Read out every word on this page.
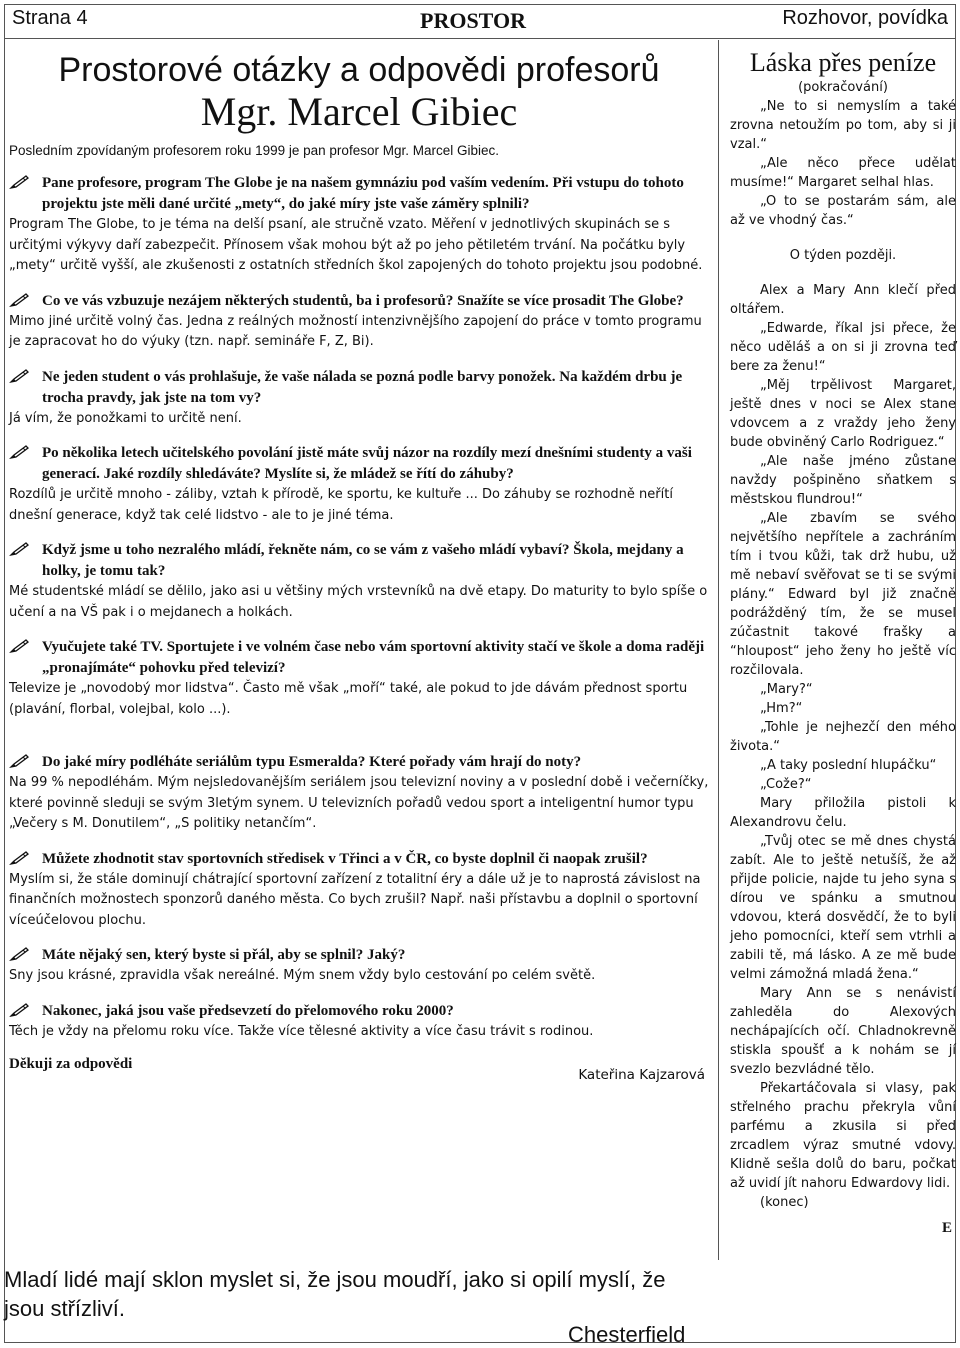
Strana 4	PROSTOR	Rozhovor, povídka

Prostorové otázky a odpovědi profesorů

Mgr. Marcel Gibiec

Posledním zpovídaným profesorem roku 1999 je pan profesor Mgr. Marcel Gibiec.

Pane profesore, program The Globe je na našem gymnáziu pod vaším vedením. Při vstupu do tohoto projektu jste měli dané určité „mety“, do jaké míry jste vaše záměry splnili?
Program The Globe, to je téma na delší psaní, ale stručně vzato. Měření v jednotlivých skupinách se s určitými výkyvy daří zabezpečit. Přínosem však mohou být až po jeho pětiletém trvání. Na počátku byly „mety“ určitě vyšší, ale zkušenosti z ostatních středních škol zapojených do tohoto projektu jsou podobné.
Co ve vás vzbuzuje nezájem některých studentů, ba i profesorů? Snažíte se více prosadit The Globe?
Mimo jiné určitě volný čas. Jedna z reálných možností intenzivnějšího zapojení do práce v tomto programu je zapracovat ho do výuky (tzn. např. semináře F, Z, Bi).
Ne jeden student o vás prohlašuje, že vaše nálada se pozná podle barvy ponožek. Na každém drbu je trocha pravdy, jak jste na tom vy?
Já vím, že ponožkami to určitě není.
Po několika letech učitelského povolání jistě máte svůj názor na rozdíly mezí dnešními studenty a vaši generací. Jaké rozdíly shledáváte? Myslíte si, že mládež se řítí do záhuby?
Rozdílů je určitě mnoho - záliby, vztah k přírodě, ke sportu, ke kultuře ... Do záhuby se rozhodně neřítí dnešní generace, když tak celé lidstvo - ale to je jiné téma.
Když jsme u toho nezralého mládí, řekněte nám, co se vám z vašeho mládí vybaví? Škola, mejdany a holky, je tomu tak?
Mé studentské mládí se dělilo, jako asi u většiny mých vrstevníků na dvě etapy. Do maturity to bylo spíše o učení a na VŠ pak i o mejdanech a holkách.
Vyučujete také TV. Sportujete i ve volném čase nebo vám sportovní aktivity stačí ve škole a doma raději „pronajímáte“ pohovku před televizí?
Televize je „novodobý mor lidstva“. Často mě však „moří“ také, ale pokud to jde dávám přednost sportu (plavání, florbal, volejbal, kolo ...).
Do jaké míry podléháte seriálům typu Esmeralda? Které pořady vám hrají do noty?
Na 99 % nepodléhám. Mým nejsledovanějším seriálem jsou televizní noviny a v poslední době i večerníčky, které povinně sleduji se svým 3letým synem. U televizních pořadů vedou sport a inteligentní humor typu „Večery s M. Donutilem“, „S politiky netančím“.
Můžete zhodnotit stav sportovních středisek v Třinci a v ČR, co byste doplnil či naopak zrušil?
Myslím si, že stále dominují chátrající sportovní zařízení z totalitní éry a dále už je to naprostá závislost na finančních možnostech sponzorů daného města. Co bych zrušil? Např. naši přístavbu a doplnil o sportovní víceúčelovou plochu.
Máte nějaký sen, který byste si přál, aby se splnil? Jaký?
Sny jsou krásné, zpravidla však nereálné. Mým snem vždy bylo cestování po celém světě.
Nakonec, jaká jsou vaše předsevzetí do přelomového roku 2000?
Těch je vždy na přelomu roku více. Takže více tělesné aktivity a více času trávit s rodinou.
Děkuji za odpovědi
Kateřina Kajzarová
Mladí lidé mají sklon myslet si, že jsou moudří, jako si opilí myslí, že jsou střízliví.
Chesterfield

Láska přes peníze

(pokračování)

„Ne to si nemyslím a také zrovna netoužím po tom, aby si ji vzal.“

„Ale něco přece udělat musíme!“ Margaret selhal hlas.

„O to se postarám sám, ale až ve vhodný čas.“

O týden později.

Alex a Mary Ann klečí před oltářem.

„Edwarde, říkal jsi přece, že něco uděláš a on si ji zrovna teď bere za ženu!“

„Měj trpělivost Margaret, ještě dnes v noci se Alex stane vdovcem a z vraždy jeho ženy bude obviněný Carlo Rodriguez.“

„Ale naše jméno zůstane navždy pošpiněno sňatkem s městskou flundrou!“

„Ale zbavím se svého největšího nepřítele a zachráním tím i tvou kůži, tak drž hubu, už mě nebaví svěřovat se ti se svými plány.“ Edward byl již značně podrážděný tím, že se musel zúčastnit takové frašky a “hloupost“ jeho ženy ho ještě víc rozčilovala.

„Mary?“

„Hm?“

„Tohle je nejhezčí den mého života.“

„A taky poslední hlupáčku“

„Cože?“

Mary přiložila pistoli k Alexandrovu čelu.

„Tvůj otec se mě dnes chystá zabít. Ale to ještě netušíš, že až přijde policie, najde tu jeho syna s dírou ve spánku a smutnou vdovou, která dosvědčí, že to byli jeho pomocníci, kteří sem vtrhli a zabili tě, má lásko. A ze mě bude velmi zámožná mladá žena.“

Mary Ann se s nenávistí zahleděla do Alexových nechápajících očí. Chladnokrevně stiskla spoušť a k nohám se jí svezlo bezvládné tělo.

Překartáčovala si vlasy, pak střelného prachu překryla vůní parfému a zkusila si před zrcadlem výraz smutné vdovy. Klidně sešla dolů do baru, počkat až uvidí jít nahoru Edwardovy lidi.

(konec)

E
